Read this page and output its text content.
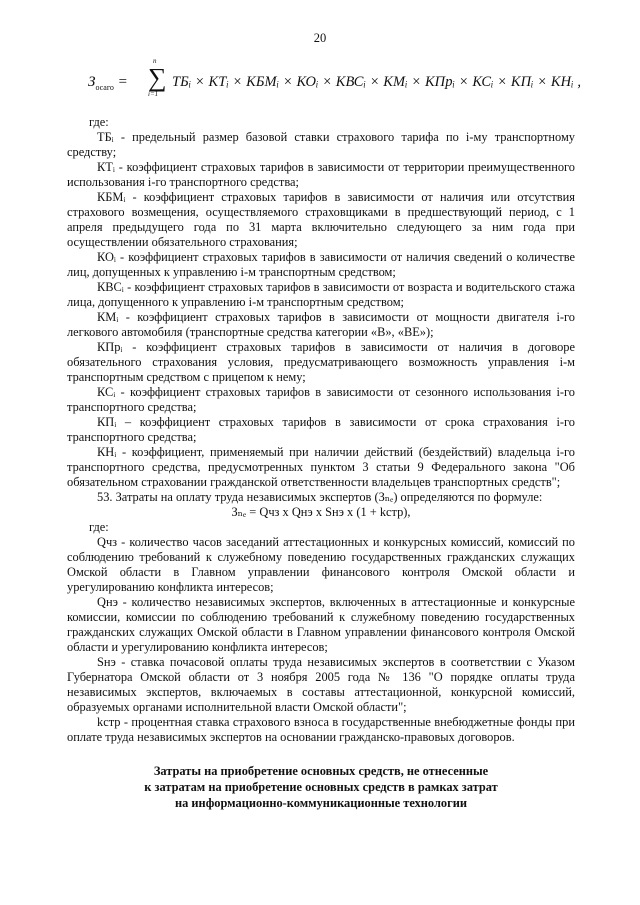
20
$З_{осаго}$ =
n
∑
i=1
ТБᵢ × КТᵢ × КБМᵢ × КОᵢ × КВСᵢ × КМᵢ × КПрᵢ × КСᵢ × КПᵢ × КНᵢ ,

где:

ТБᵢ - предельный размер базовой ставки страхового тарифа по i-му транспортному средству;

КТᵢ - коэффициент страховых тарифов в зависимости от территории преимущественного использования i-го транспортного средства;

КБМᵢ - коэффициент страховых тарифов в зависимости от наличия или отсутствия страхового возмещения, осуществляемого страховщиками в предшествующий период, с 1 апреля предыдущего года по 31 марта включительно следующего за ним года при осуществлении обязательного страхования;

КОᵢ - коэффициент страховых тарифов в зависимости от наличия сведений о количестве лиц, допущенных к управлению i-м транспортным средством;

КВСᵢ - коэффициент страховых тарифов в зависимости от возраста и водительского стажа лица, допущенного к управлению i-м транспортным средством;

КМᵢ - коэффициент страховых тарифов в зависимости от мощности двигателя i-го легкового автомобиля (транспортные средства категории «В», «ВЕ»);

КПрᵢ - коэффициент страховых тарифов в зависимости от наличия в договоре обязательного страхования условия, предусматривающего возможность управления i-м транспортным средством с прицепом к нему;

КСᵢ - коэффициент страховых тарифов в зависимости от сезонного использования i-го транспортного средства;

КПᵢ – коэффициент страховых тарифов в зависимости от срока страхования i-го транспортного средства;

КНᵢ - коэффициент, применяемый при наличии действий (бездействий) владельца i-го транспортного средства, предусмотренных пунктом 3 статьи 9 Федерального закона "Об обязательном страховании гражданской ответственности владельцев транспортных средств";

53. Затраты на оплату труда независимых экспертов (Зₙₑ) определяются по формуле:

Зₙₑ = Qчз x Qнэ x Sнэ x (1 + kстр),

где:

Qчз - количество часов заседаний аттестационных и конкурсных комиссий, комиссий по соблюдению требований к служебному поведению государственных гражданских служащих Омской области в Главном управлении финансового контроля Омской области и урегулированию конфликта интересов;

Qнэ - количество независимых экспертов, включенных в аттестационные и конкурсные комиссии, комиссии по соблюдению требований к служебному поведению государственных гражданских служащих Омской области в Главном управлении финансового контроля Омской области и урегулированию конфликта интересов;

Sнэ - ставка почасовой оплаты труда независимых экспертов в соответствии с Указом Губернатора Омской области от 3 ноября 2005 года № 136 "О порядке оплаты труда независимых экспертов, включаемых в составы аттестационной, конкурсной комиссий, образуемых органами исполнительной власти Омской области";

kстр - процентная ставка страхового взноса в государственные внебюджетные фонды при оплате труда независимых экспертов на основании гражданско-правовых договоров.

Затраты на приобретение основных средств, не отнесенные
к затратам на приобретение основных средств в рамках затрат
на информационно-коммуникационные технологии
